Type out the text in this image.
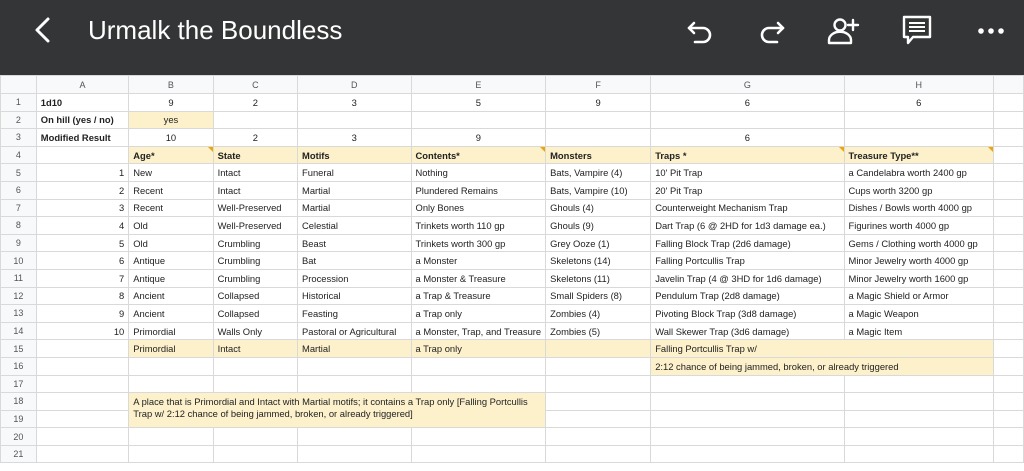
Urmalk the Boundless
	A	B	C	D	E	F	G	H	
1	1d10	9	2	3	5	9	6	6	
2	On hill (yes / no)	yes							
3	Modified Result	10	2	3	9		6		
4		Age*	State	Motifs	Contents*	Monsters	Traps *	Treasure Type**	
5	1	New	Intact	Funeral	Nothing	Bats, Vampire (4)	10' Pit Trap	a Candelabra worth 2400 gp	
6	2	Recent	Intact	Martial	Plundered Remains	Bats, Vampire (10)	20' Pit Trap	Cups worth 3200 gp	
7	3	Recent	Well-Preserved	Martial	Only Bones	Ghouls (4)	Counterweight Mechanism Trap	Dishes / Bowls worth 4000 gp	
8	4	Old	Well-Preserved	Celestial	Trinkets worth 110 gp	Ghouls (9)	Dart Trap (6 @ 2HD for 1d3 damage ea.)	Figurines worth 4000 gp	
9	5	Old	Crumbling	Beast	Trinkets worth 300 gp	Grey Ooze (1)	Falling Block Trap (2d6 damage)	Gems / Clothing worth 4000 gp	
10	6	Antique	Crumbling	Bat	a Monster	Skeletons (14)	Falling Portcullis Trap	Minor Jewelry worth 4000 gp	
11	7	Antique	Crumbling	Procession	a Monster & Treasure	Skeletons (11)	Javelin Trap (4 @ 3HD for 1d6 damage)	Minor Jewelry worth 1600 gp	
12	8	Ancient	Collapsed	Historical	a Trap & Treasure	Small Spiders (8)	Pendulum Trap (2d8 damage)	a Magic Shield or Armor	
13	9	Ancient	Collapsed	Feasting	a Trap only	Zombies (4)	Pivoting Block Trap (3d8 damage)	a Magic Weapon	
14	10	Primordial	Walls Only	Pastoral or Agricultural	a Monster, Trap, and Treasure	Zombies (5)	Wall Skewer Trap (3d6 damage)	a Magic Item	
15		Primordial	Intact	Martial	a Trap only		Falling Portcullis Trap w/		
16							2:12 chance of being jammed, broken, or already triggered		
17									
18		A place that is Primordial and Intact with Martial motifs; it contains a Trap only [Falling Portcullis Trap w/ 2:12 chance of being jammed, broken, or already triggered]							
19									
20									
21									
